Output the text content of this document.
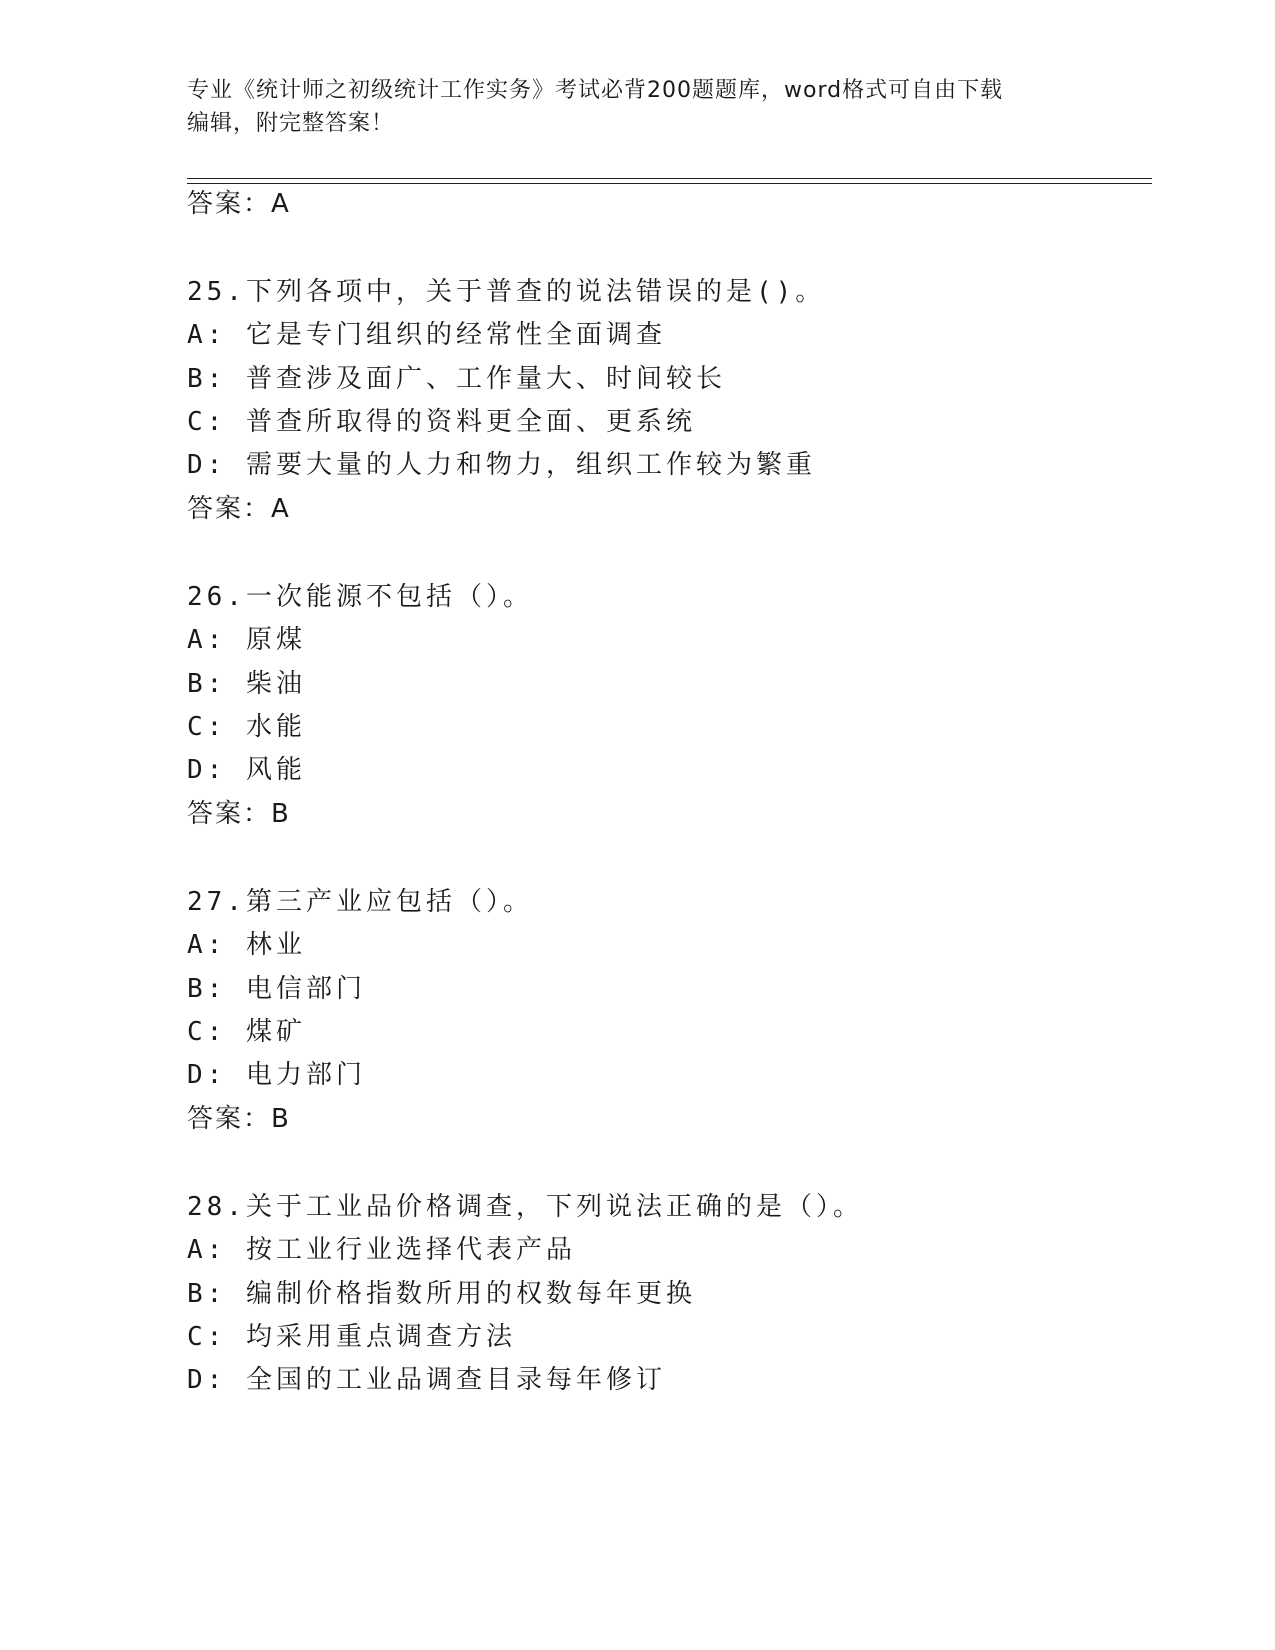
专业《统计师之初级统计工作实务》考试必背200题题库，word格式可自由下载
编辑，附完整答案！
答案：A
25.下列各项中，关于普查的说法错误的是()。
A: 它是专门组织的经常性全面调查
B: 普查涉及面广、工作量大、时间较长
C: 普查所取得的资料更全面、更系统
D: 需要大量的人力和物力，组织工作较为繁重
答案：A
26.一次能源不包括（）。
A: 原煤
B: 柴油
C: 水能
D: 风能
答案：B
27.第三产业应包括（）。
A: 林业
B: 电信部门
C: 煤矿
D: 电力部门
答案：B
28.关于工业品价格调查，下列说法正确的是（）。
A: 按工业行业选择代表产品
B: 编制价格指数所用的权数每年更换
C: 均采用重点调查方法
D: 全国的工业品调查目录每年修订
